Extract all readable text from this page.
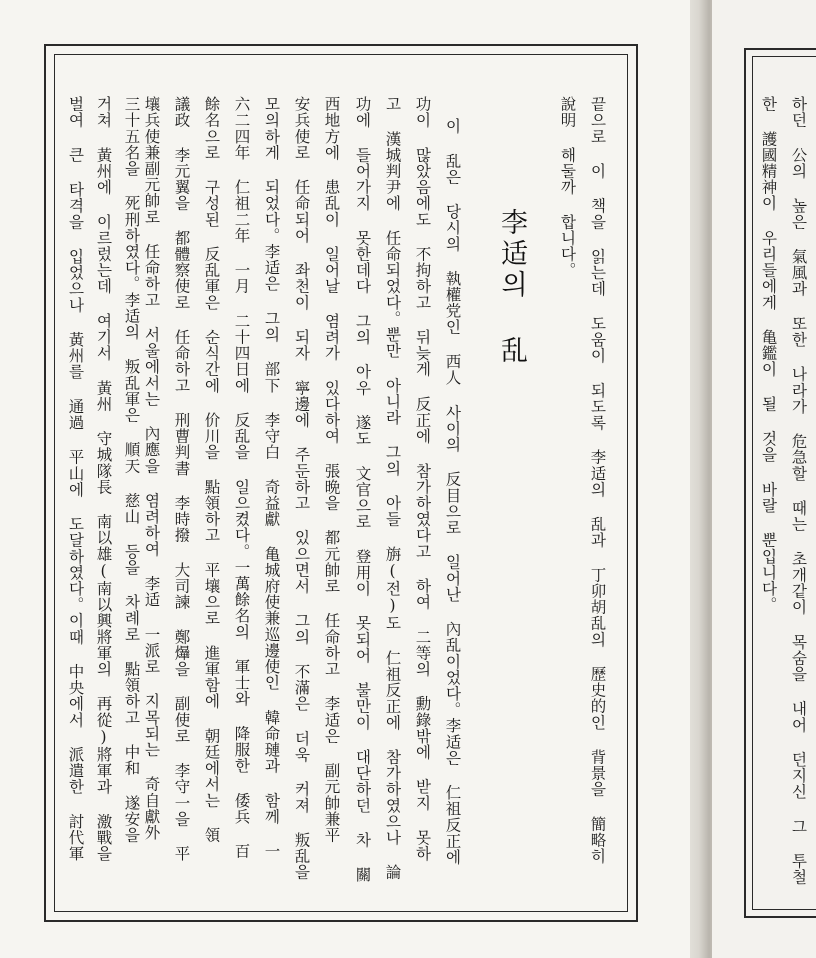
끝으로 이 책을 읽는데 도움이 되도록 李适의 乱과 丁卯胡乱의 歷史的인 背景을 簡略히
說明 해둘까 합니다。
李适의 乱
이 乱은 당시의 執權党인 西人 사이의 反目으로 일어난 內乱이었다。李适은 仁祖反正에
功이 많았음에도 不拘하고 뒤늦게 反正에 참가하였다고 하여 二等의 勳錄밖에 받지 못하
고 漢城判尹에 任命되었다。뿐만 아니라 그의 아들 旃(전)도 仁祖反正에 참가하였으나 論
功에 들어가지 못한데다 그의 아우 遂도 文官으로 登用이 못되어 불만이 대단하던 차 關
西地方에 患乱이 일어날 염려가 있다하여 張晩을 都元帥로 任命하고 李适은 副元帥兼平
安兵使로 任命되어 좌천이 되자 寧邊에 주둔하고 있으면서 그의 不滿은 더욱 커져 叛乱을
모의하게 되었다。李适은 그의 部下 李守白 奇益獻 亀城府使兼巡邊使인 韓命璉과 함께 一
六二四年 仁祖二年 一月 二十四日에 反乱을 일으켰다。一萬餘名의 軍士와 降服한 倭兵 百
餘名으로 구성된 反乱軍은 순식간에 价川을 點領하고 平壤으로 進軍함에 朝廷에서는 領
議政 李元翼을 都體察使로 任命하고 刑曹判書 李時撥 大司諫 鄭爗을 副使로 李守一을 平
壤兵使兼副元帥로 任命하고 서울에서는 內應을 염려하여 李适 一派로 지목되는 奇自獻外
三十五名을 死刑하였다。李适의 叛乱軍은 順天 慈山 등을 차례로 點領하고 中和 遂安을
거쳐 黃州에 이르렀는데 여기서 黃州 守城隊長 南以雄(南以興將軍의 再從)將軍과 激戰을
벌여 큰 타격을 입었으나 黃州를 通過 平山에 도달하였다。이때 中央에서 派遣한 討代軍	하던 公의 높은 氣風과 또한 나라가 危急할 때는 초개같이 목숨을 내어 던지신 그 투철
한 護國精神이 우리들에게 亀鑑이 될 것을 바랄 뿐입니다。
